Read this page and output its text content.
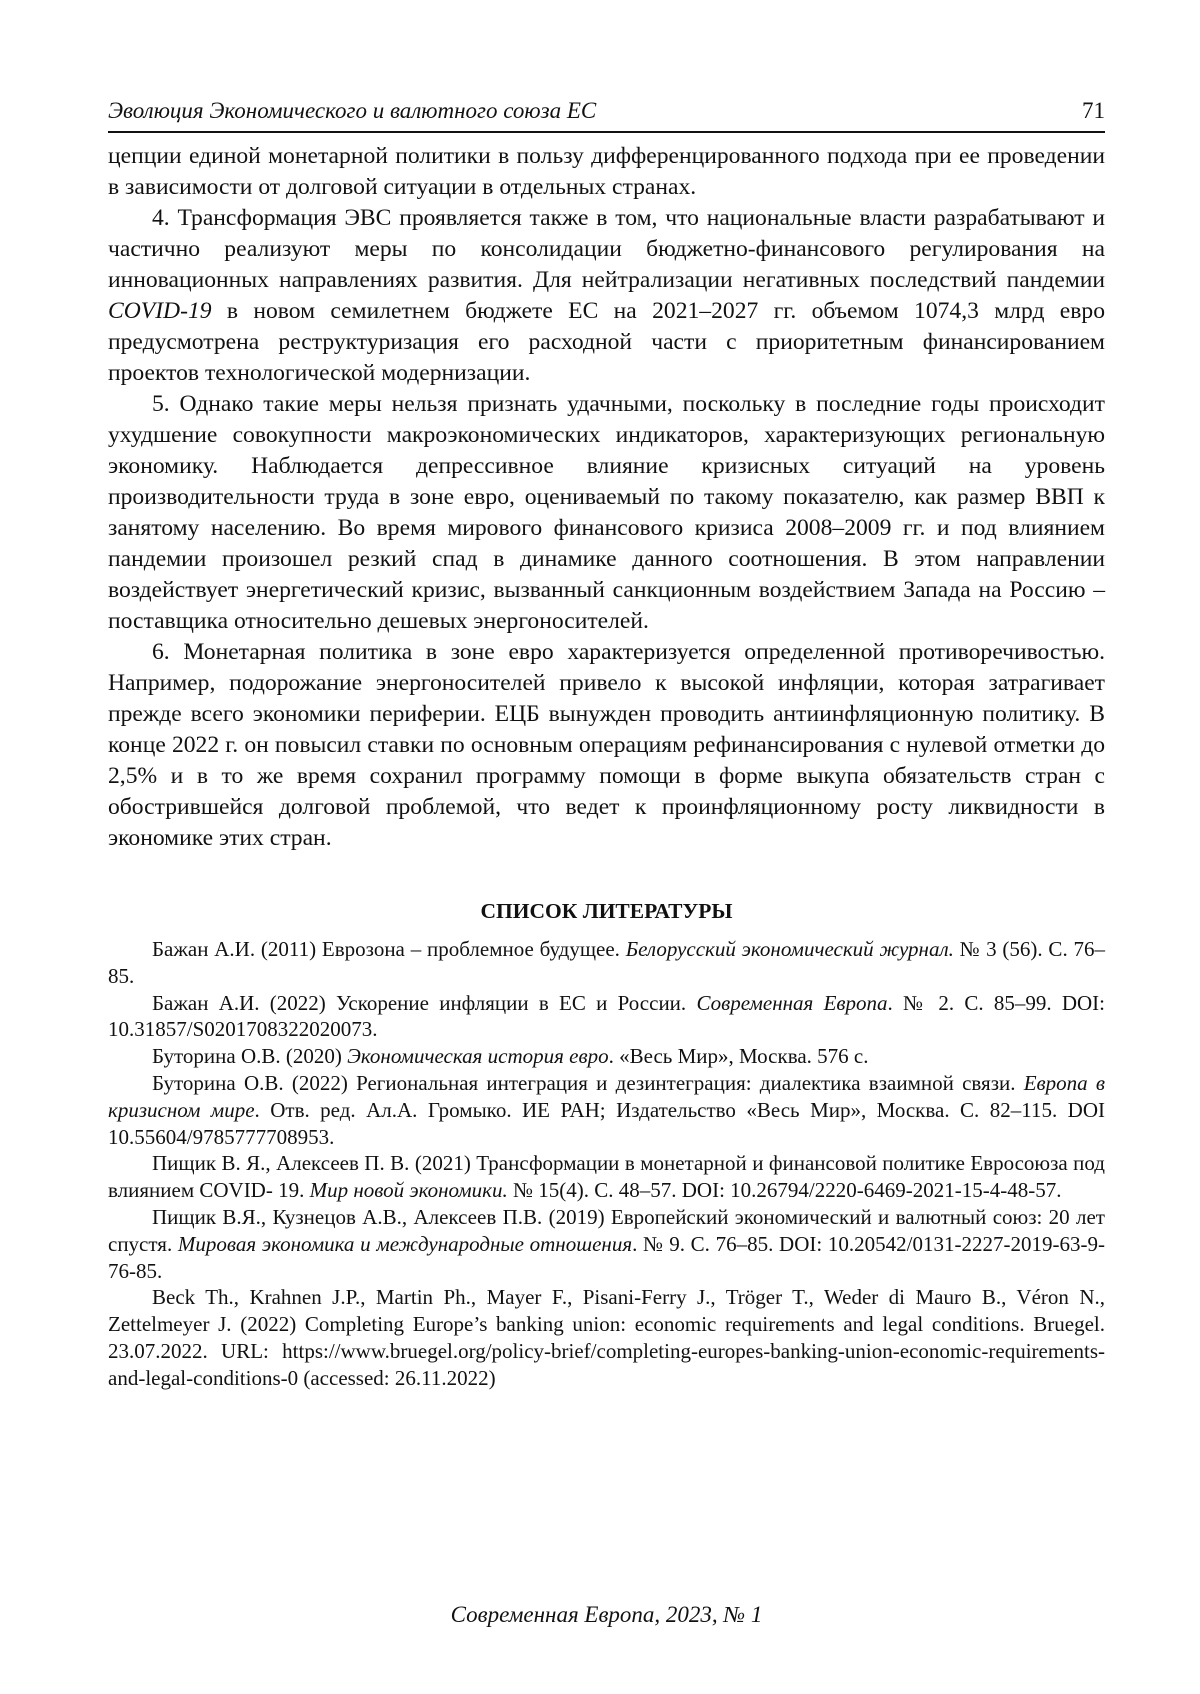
Эволюция Экономического и валютного союза ЕС	71

цепции единой монетарной политики в пользу дифференцированного подхода при ее проведении в зависимости от долговой ситуации в отдельных странах.

4. Трансформация ЭВС проявляется также в том, что национальные власти разрабатывают и частично реализуют меры по консолидации бюджетно-финансового регулирования на инновационных направлениях развития. Для нейтрализации негативных последствий пандемии COVID-19 в новом семилетнем бюджете ЕС на 2021–2027 гг. объемом 1074,3 млрд евро предусмотрена реструктуризация его расходной части с приоритетным финансированием проектов технологической модернизации.

5. Однако такие меры нельзя признать удачными, поскольку в последние годы происходит ухудшение совокупности макроэкономических индикаторов, характеризующих региональную экономику. Наблюдается депрессивное влияние кризисных ситуаций на уровень производительности труда в зоне евро, оцениваемый по такому показателю, как размер ВВП к занятому населению. Во время мирового финансового кризиса 2008–2009 гг. и под влиянием пандемии произошел резкий спад в динамике данного соотношения. В этом направлении воздействует энергетический кризис, вызванный санкционным воздействием Запада на Россию – поставщика относительно дешевых энергоносителей.

6. Монетарная политика в зоне евро характеризуется определенной противоречивостью. Например, подорожание энергоносителей привело к высокой инфляции, которая затрагивает прежде всего экономики периферии. ЕЦБ вынужден проводить антиинфляционную политику. В конце 2022 г. он повысил ставки по основным операциям рефинансирования с нулевой отметки до 2,5% и в то же время сохранил программу помощи в форме выкупа обязательств стран с обострившейся долговой проблемой, что ведет к проинфляционному росту ликвидности в экономике этих стран.

СПИСОК ЛИТЕРАТУРЫ

Бажан А.И. (2011) Еврозона – проблемное будущее. Белорусский экономический журнал. № 3 (56). С. 76–85.

Бажан А.И. (2022) Ускорение инфляции в ЕС и России. Современная Европа. № 2. С. 85–99. DOI: 10.31857/S0201708322020073.

Буторина О.В. (2020) Экономическая история евро. «Весь Мир», Москва. 576 с.

Буторина О.В. (2022) Региональная интеграция и дезинтеграция: диалектика взаимной связи. Европа в кризисном мире. Отв. ред. Ал.А. Громыко. ИЕ РАН; Издательство «Весь Мир», Москва. С. 82–115. DOI 10.55604/9785777708953.

Пищик В. Я., Алексеев П. В. (2021) Трансформации в монетарной и финансовой политике Евросоюза под влиянием COVID‑ 19. Мир новой экономики. № 15(4). С. 48–57. DOI: 10.26794/2220-6469-2021-15-4-48-57.

Пищик В.Я., Кузнецов А.В., Алексеев П.В. (2019) Европейский экономический и валютный союз: 20 лет спустя. Мировая экономика и международные отношения. № 9. С. 76–85. DOI: 10.20542/0131-2227-2019-63-9-76-85.

Beck Th., Krahnen J.P., Martin Ph., Mayer F., Pisani-Ferry J., Tröger T., Weder di Mauro B., Véron N., Zettelmeyer J. (2022) Completing Europe’s banking union: economic requirements and legal conditions. Bruegel. 23.07.2022. URL: https://www.bruegel.org/policy-brief/completing-europes-banking-union-economic-requirements-and-legal-conditions-0 (accessed: 26.11.2022)

Современная Европа, 2023, № 1
